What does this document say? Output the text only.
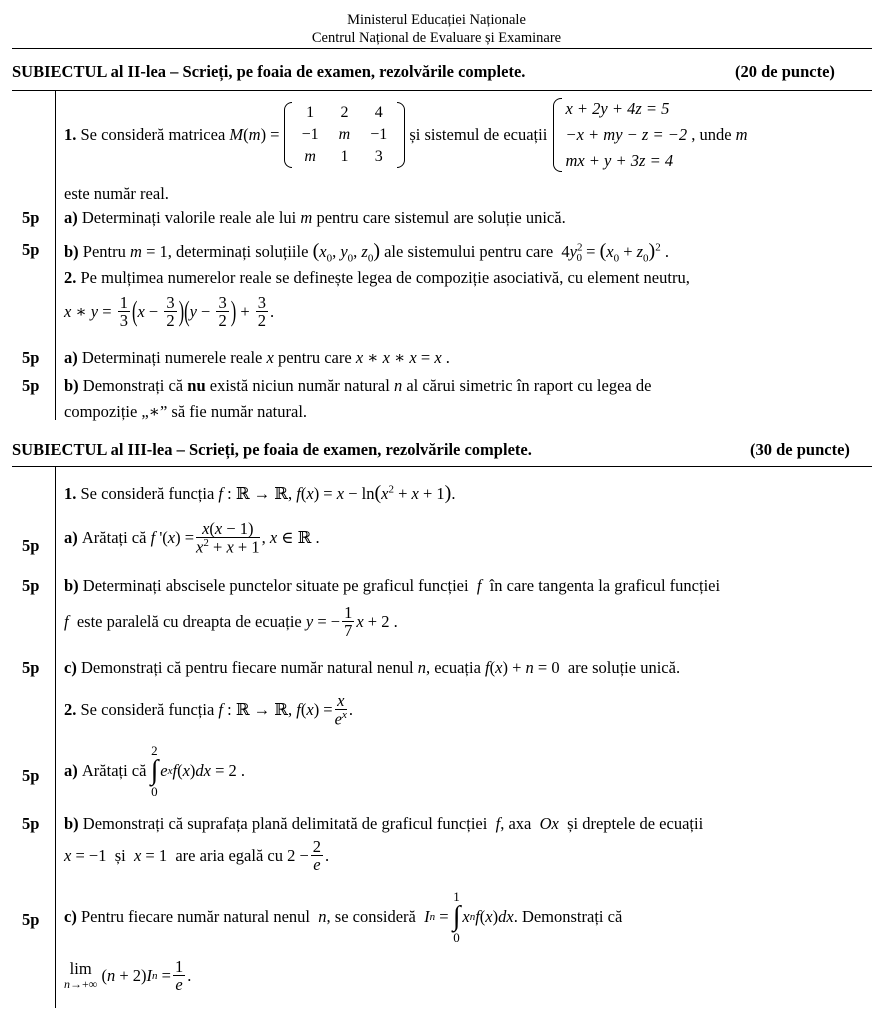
Ministerul Educației Naționale
Centrul Național de Evaluare și Examinare
SUBIECTUL al II-lea – Scrieți, pe foaia de examen, rezolvările complete.	(20 de puncte)
1.
Se consideră matricea
M(m) =

1	2	4
−1	m	−1
m	1	3

și sistemul de ecuații

x + 2y + 4z = 5
−x + my − z = −2
mx + y + 3z = 4

, unde
m
este număr real.
5p a) Determinați valorile reale ale lui m pentru care sistemul are soluție unică.
5p b) Pentru m = 1, determinați soluțiile ($x_0$, $y_0$, $z_0$) ale sistemului pentru care  $4y^2_0 = (x_0 + z_0)^2$ .
2. Pe mulțimea numerelor reale se definește legea de compoziție asociativă, cu element neutru,
x ∗ $y = \frac{1}{3}$ ( $x - \frac{3}{2}$ ) ( $y - \frac{3}{2}$ ) + $\frac{3}{2}$ .
5p a) Determinați numerele reale x pentru care x ∗ x ∗ x = x .
5p b) Demonstrați că nu există niciun număr natural n al cărui simetric în raport cu legea de
compoziție „∗” să fie număr natural.
SUBIECTUL al III-lea – Scrieți, pe foaia de examen, rezolvările complete.	(30 de puncte)
1. Se consideră funcția f : ℝ → ℝ, $f(x) = x - \ln(x^2 + x + 1)$.
5p a)
Arătați că
f '( x ) = $\frac{x(x - 1)}{x^2 + x + 1}$ , x ∈ ℝ .
5p b) Determinați abscisele punctelor situate pe graficul funcției f în care tangenta la graficul funcției
f
este paralelă cu dreapta de ecuație
y = − $\frac{1}{7}$ x + 2 .
5p c) Demonstrați că pentru fiecare număr natural nenul n, ecuația f(x) + n = 0  are soluție unică.
2.
Se consideră funcția
f : ℝ → ℝ, f ( x ) = $\frac{x}{e^x}$ .
5p a)
Arătați că

2
∫
0
e x f ( x ) dx = 2 .
5p b) Demonstrați că suprafața plană delimitată de graficul funcției f, axa Ox și dreptele de ecuații
x = −1 și
x = 1 are aria egală cu $2 - \frac{2}{e}$ .
5p c)
Pentru fiecare număr natural nenul
n , se consideră
I n =
1
∫
0
x n f ( x ) dx . Demonstrați că
lim
n→+∞ ( n + 2) I $n = \frac{1}{e}$ .
